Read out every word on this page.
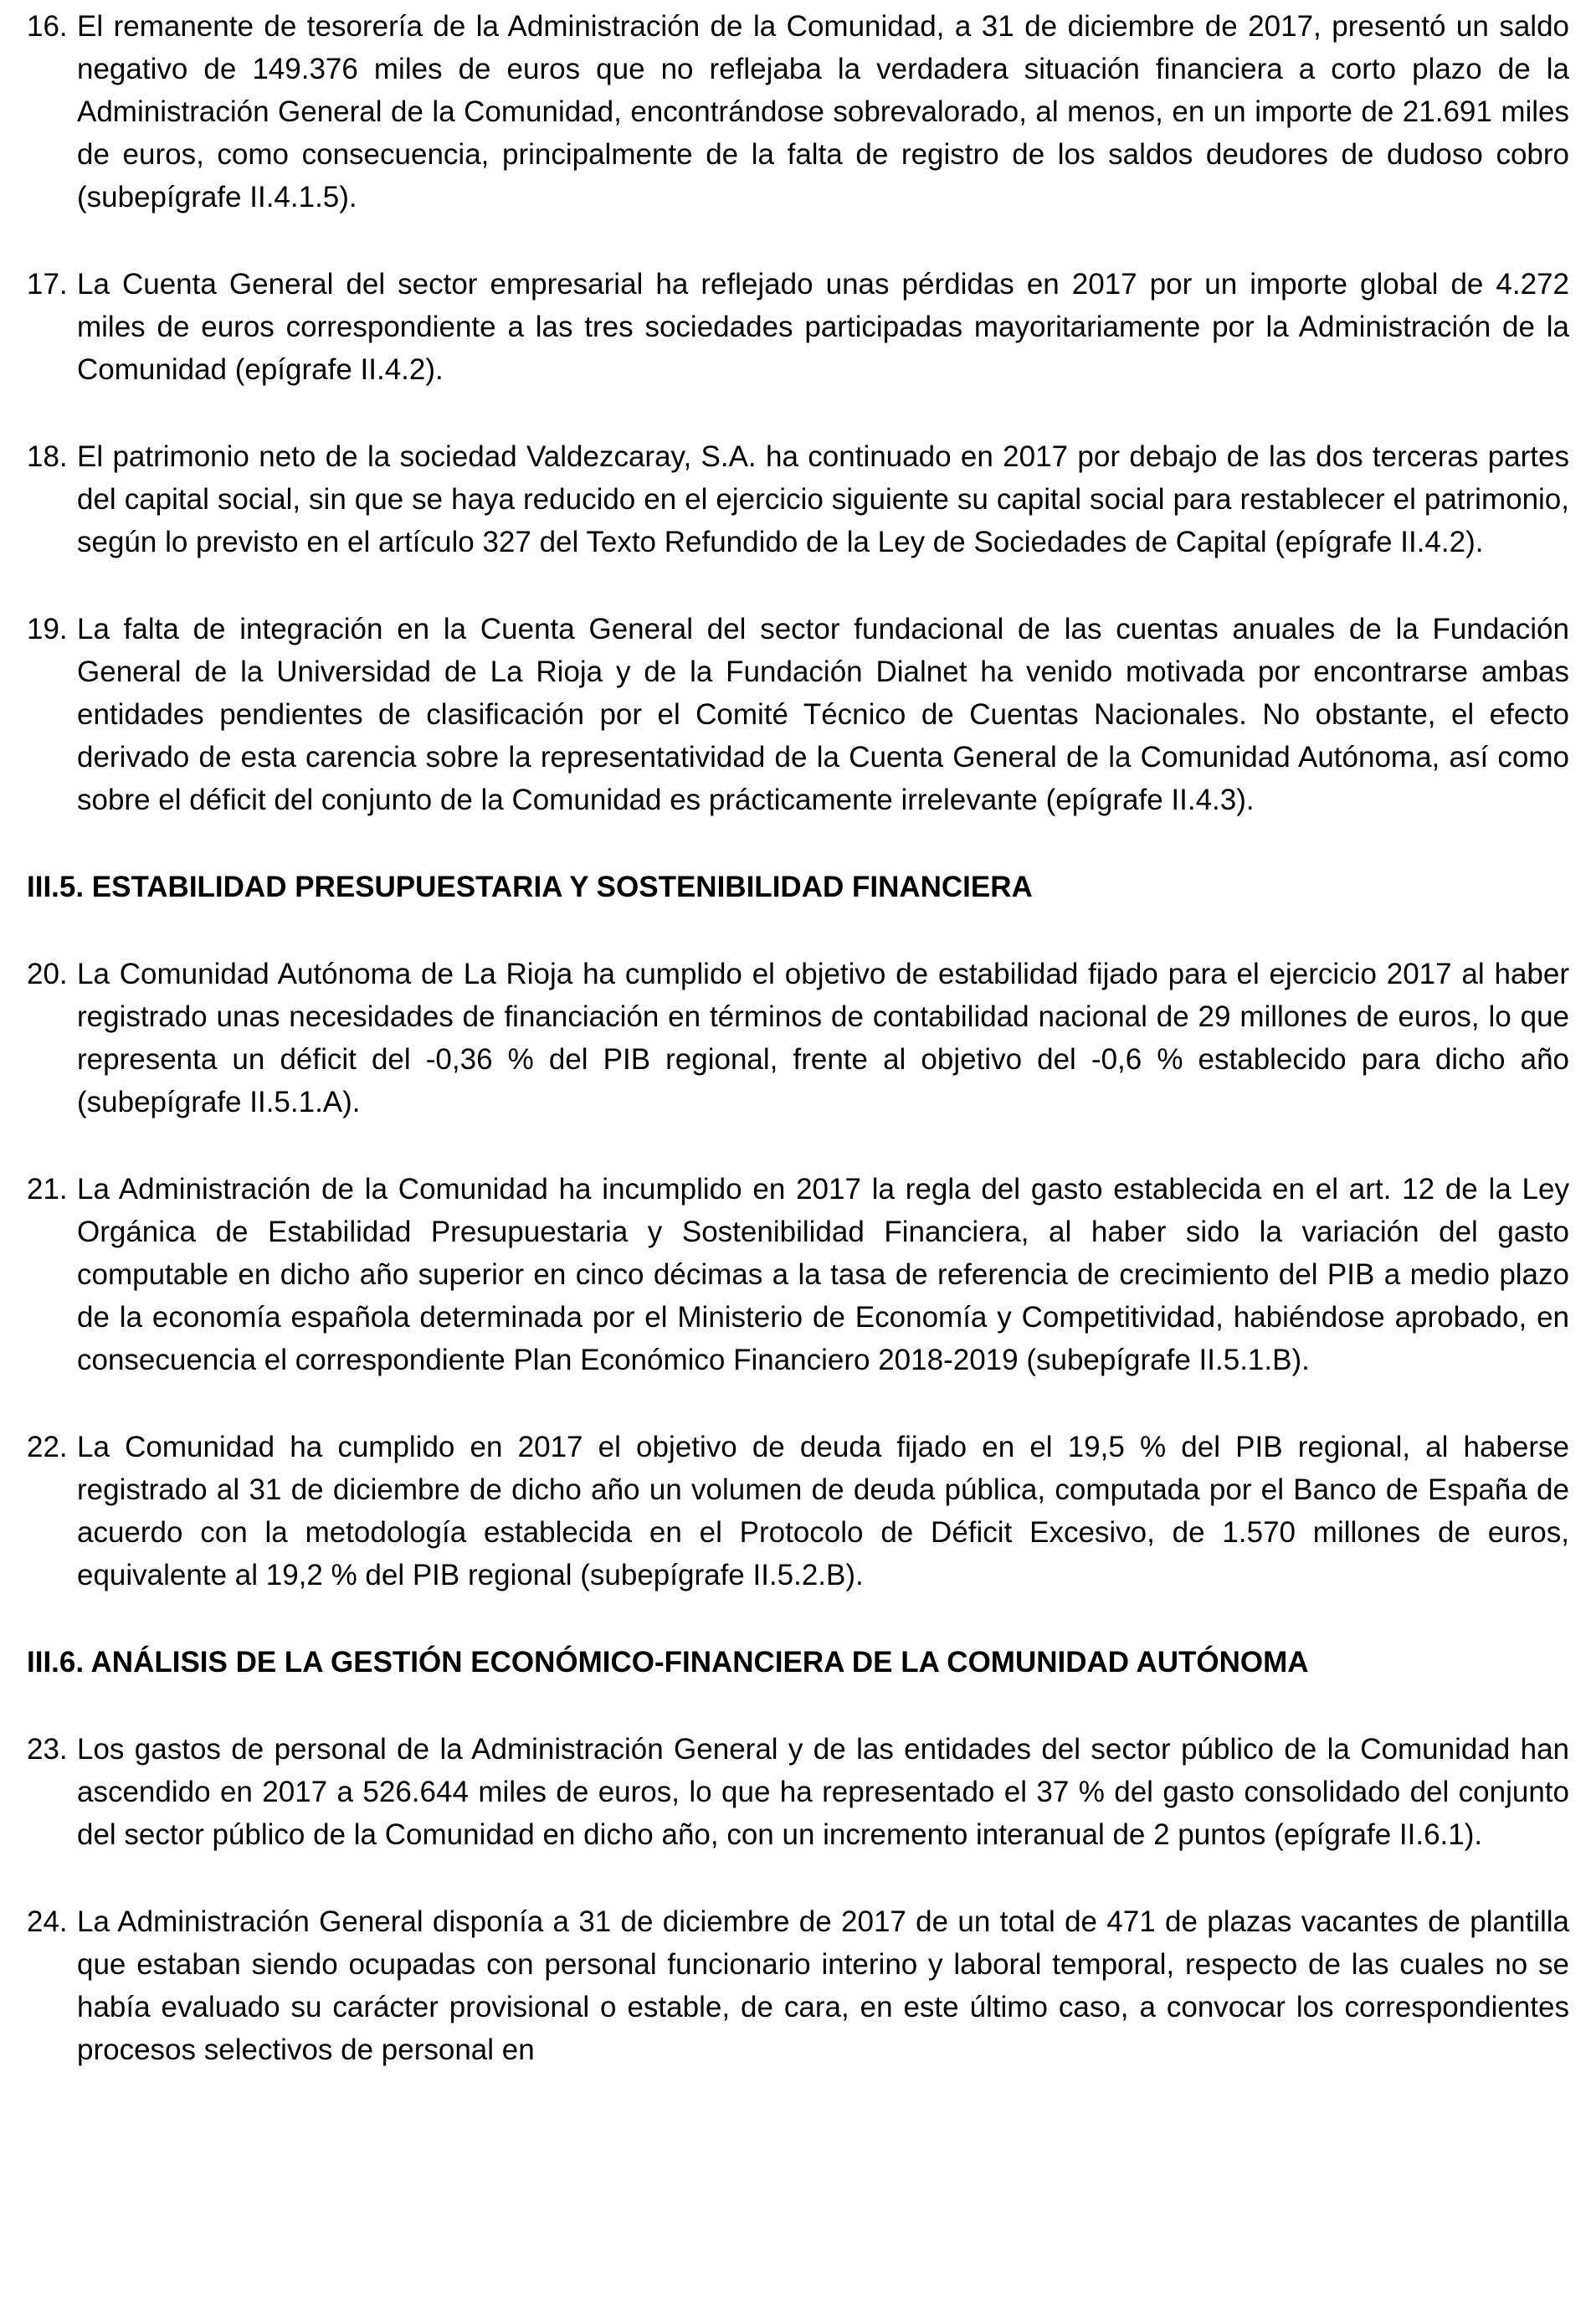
16. El remanente de tesorería de la Administración de la Comunidad, a 31 de diciembre de 2017, presentó un saldo negativo de 149.376 miles de euros que no reflejaba la verdadera situación financiera a corto plazo de la Administración General de la Comunidad, encontrándose sobrevalorado, al menos, en un importe de 21.691 miles de euros, como consecuencia, principalmente de la falta de registro de los saldos deudores de dudoso cobro (subepígrafe II.4.1.5).
17. La Cuenta General del sector empresarial ha reflejado unas pérdidas en 2017 por un importe global de 4.272 miles de euros correspondiente a las tres sociedades participadas mayoritariamente por la Administración de la Comunidad (epígrafe II.4.2).
18. El patrimonio neto de la sociedad Valdezcaray, S.A. ha continuado en 2017 por debajo de las dos terceras partes del capital social, sin que se haya reducido en el ejercicio siguiente su capital social para restablecer el patrimonio, según lo previsto en el artículo 327 del Texto Refundido de la Ley de Sociedades de Capital (epígrafe II.4.2).
19. La falta de integración en la Cuenta General del sector fundacional de las cuentas anuales de la Fundación General de la Universidad de La Rioja y de la Fundación Dialnet ha venido motivada por encontrarse ambas entidades pendientes de clasificación por el Comité Técnico de Cuentas Nacionales. No obstante, el efecto derivado de esta carencia sobre la representatividad de la Cuenta General de la Comunidad Autónoma, así como sobre el déficit del conjunto de la Comunidad es prácticamente irrelevante (epígrafe II.4.3).
III.5. ESTABILIDAD PRESUPUESTARIA Y SOSTENIBILIDAD FINANCIERA
20. La Comunidad Autónoma de La Rioja ha cumplido el objetivo de estabilidad fijado para el ejercicio 2017 al haber registrado unas necesidades de financiación en términos de contabilidad nacional de 29 millones de euros, lo que representa un déficit del -0,36 % del PIB regional, frente al objetivo del -0,6 % establecido para dicho año (subepígrafe II.5.1.A).
21. La Administración de la Comunidad ha incumplido en 2017 la regla del gasto establecida en el art. 12 de la Ley Orgánica de Estabilidad Presupuestaria y Sostenibilidad Financiera, al haber sido la variación del gasto computable en dicho año superior en cinco décimas a la tasa de referencia de crecimiento del PIB a medio plazo de la economía española determinada por el Ministerio de Economía y Competitividad, habiéndose aprobado, en consecuencia el correspondiente Plan Económico Financiero 2018-2019 (subepígrafe II.5.1.B).
22. La Comunidad ha cumplido en 2017 el objetivo de deuda fijado en el 19,5 % del PIB regional, al haberse registrado al 31 de diciembre de dicho año un volumen de deuda pública, computada por el Banco de España de acuerdo con la metodología establecida en el Protocolo de Déficit Excesivo, de 1.570 millones de euros, equivalente al 19,2 % del PIB regional (subepígrafe II.5.2.B).
III.6. ANÁLISIS DE LA GESTIÓN ECONÓMICO-FINANCIERA DE LA COMUNIDAD AUTÓNOMA
23. Los gastos de personal de la Administración General y de las entidades del sector público de la Comunidad han ascendido en 2017 a 526.644 miles de euros, lo que ha representado el 37 % del gasto consolidado del conjunto del sector público de la Comunidad en dicho año, con un incremento interanual de 2 puntos (epígrafe II.6.1).
24. La Administración General disponía a 31 de diciembre de 2017 de un total de 471 de plazas vacantes de plantilla que estaban siendo ocupadas con personal funcionario interino y laboral temporal, respecto de las cuales no se había evaluado su carácter provisional o estable, de cara, en este último caso, a convocar los correspondientes procesos selectivos de personal en
